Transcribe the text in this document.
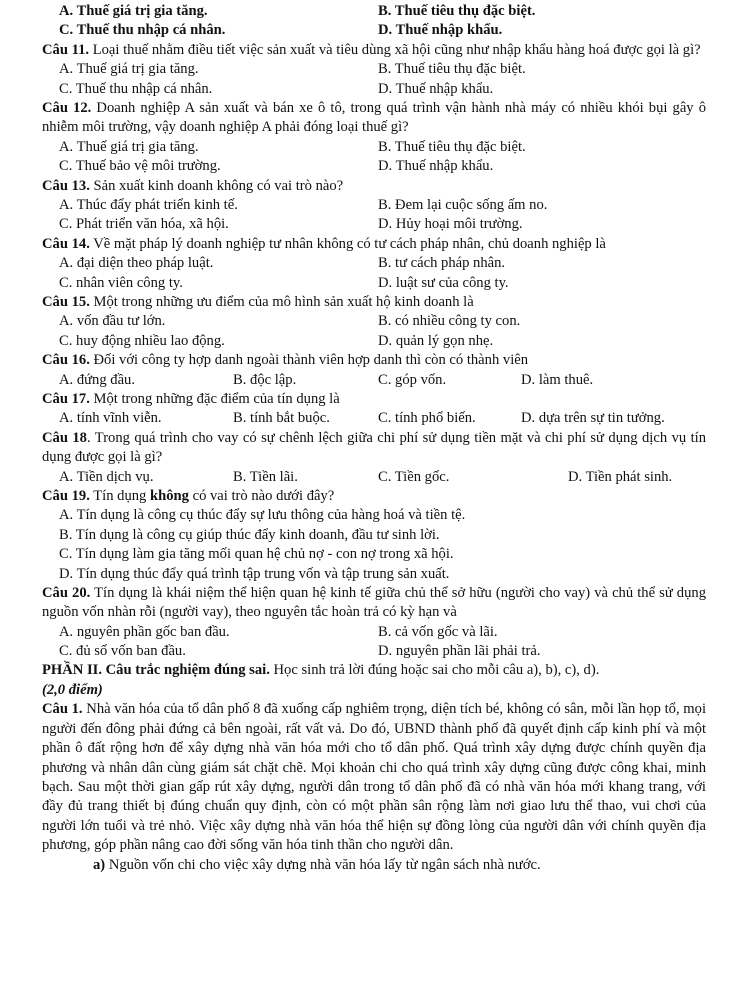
A. Thuế giá trị gia tăng.	B. Thuế tiêu thụ đặc biệt.
C. Thuế thu nhập cá nhân.	D. Thuế nhập khẩu.
Câu 11. Loại thuế nhằm điều tiết việc sản xuất và tiêu dùng xã hội cũng như nhập khẩu hàng hoá được gọi là gì?
A. Thuế giá trị gia tăng.	B. Thuế tiêu thụ đặc biệt.
C. Thuế thu nhập cá nhân.	D. Thuế nhập khẩu.
Câu 12. Doanh nghiệp A sản xuất và bán xe ô tô, trong quá trình vận hành nhà máy có nhiều khói bụi gây ô nhiễm môi trường, vậy doanh nghiệp A phải đóng loại thuế gì?
A. Thuế giá trị gia tăng.	B. Thuế tiêu thụ đặc biệt.
C. Thuế bảo vệ môi trường.	D. Thuế nhập khẩu.
Câu 13. Sản xuất kinh doanh không có vai trò nào?
A. Thúc đẩy phát triển kinh tế.	B. Đem lại cuộc sống ấm no.
C. Phát triển văn hóa, xã hội.	D. Hủy hoại môi trường.
Câu 14. Về mặt pháp lý doanh nghiệp tư nhân không có tư cách pháp nhân, chủ doanh nghiệp là
A. đại diện theo pháp luật.	B. tư cách pháp nhân.
C. nhân viên công ty.	D. luật sư của công ty.
Câu 15. Một trong những ưu điểm của mô hình sản xuất hộ kinh doanh là
A. vốn đầu tư lớn.	B. có nhiều công ty con.
C. huy động nhiều lao động.	D. quản lý gọn nhẹ.
Câu 16. Đối với công ty hợp danh ngoài thành viên hợp danh thì còn có thành viên
A. đứng đầu.	B. độc lập.	C. góp vốn.	D. làm thuê.
Câu 17. Một trong những đặc điểm của tín dụng là
A. tính vĩnh viễn.	B. tính bắt buộc.	C. tính phổ biến.	D. dựa trên sự tin tưởng.
Câu 18. Trong quá trình cho vay có sự chênh lệch giữa chi phí sử dụng tiền mặt và chi phí sử dụng dịch vụ tín dụng được gọi là gì?
A. Tiền dịch vụ.	B. Tiền lãi.	C. Tiền gốc.	D. Tiền phát sinh.
Câu 19. Tín dụng không có vai trò nào dưới đây?
A. Tín dụng là công cụ thúc đẩy sự lưu thông của hàng hoá và tiền tệ.
B. Tín dụng là công cụ giúp thúc đẩy kinh doanh, đầu tư sinh lời.
C. Tín dụng làm gia tăng mối quan hệ chủ nợ - con nợ trong xã hội.
D. Tín dụng thúc đẩy quá trình tập trung vốn và tập trung sản xuất.
Câu 20. Tín dụng là khái niệm thể hiện quan hệ kinh tế giữa chủ thể sở hữu (người cho vay) và chủ thể sử dụng nguồn vốn nhàn rỗi (người vay), theo nguyên tắc hoàn trả có kỳ hạn và
A. nguyên phần gốc ban đầu.	B. cả vốn gốc và lãi.
C. đủ số vốn ban đầu.	D. nguyên phần lãi phải trả.
PHẦN II. Câu trắc nghiệm đúng sai. Học sinh trả lời đúng hoặc sai cho mỗi câu a), b), c), d).
(2,0 điểm)
Câu 1. Nhà văn hóa của tổ dân phố 8 đã xuống cấp nghiêm trọng, diện tích bé, không có sân, mỗi lần họp tổ, mọi người đến đông phải đứng cả bên ngoài, rất vất vả. Do đó, UBND thành phố đã quyết định cấp kinh phí và một phần ô đất rộng hơn để xây dựng nhà văn hóa mới cho tổ dân phố. Quá trình xây dựng được chính quyền địa phương và nhân dân cùng giám sát chặt chẽ. Mọi khoản chi cho quá trình xây dựng cũng được công khai, minh bạch. Sau một thời gian gấp rút xây dựng, người dân trong tổ dân phố đã có nhà văn hóa mới khang trang, với đầy đủ trang thiết bị đúng chuẩn quy định, còn có một phần sân rộng làm nơi giao lưu thể thao, vui chơi của người lớn tuổi và trẻ nhỏ. Việc xây dựng nhà văn hóa thể hiện sự đồng lòng của người dân với chính quyền địa phương, góp phần nâng cao đời sống văn hóa tinh thần cho người dân.
a) Nguồn vốn chi cho việc xây dựng nhà văn hóa lấy từ ngân sách nhà nước.
